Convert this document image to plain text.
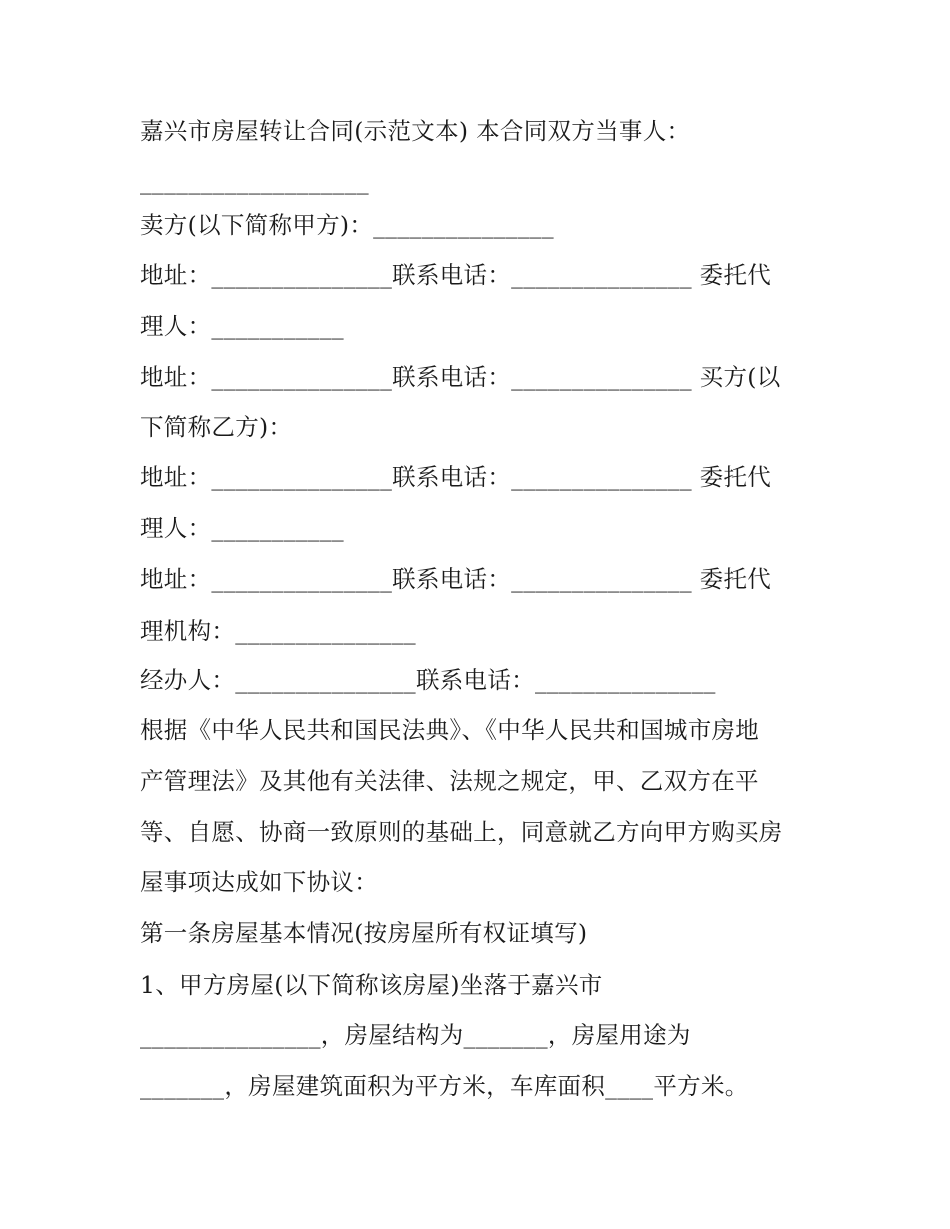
嘉兴市房屋转让合同(示范文本) 本合同双方当事人：
___________________
卖方(以下简称甲方)：_______________
地址：_______________联系电话：_______________ 委托代
理人：___________
地址：_______________联系电话：_______________ 买方(以
下简称乙方)：
地址：_______________联系电话：_______________ 委托代
理人：___________
地址：_______________联系电话：_______________ 委托代
理机构：_______________
经办人：_______________联系电话：_______________
根据《中华人民共和国民法典》、《中华人民共和国城市房地
产管理法》及其他有关法律、法规之规定，甲、乙双方在平
等、自愿、协商一致原则的基础上，同意就乙方向甲方购买房
屋事项达成如下协议：
第一条房屋基本情况(按房屋所有权证填写)
1、甲方房屋(以下简称该房屋)坐落于嘉兴市
_______________，房屋结构为_______，房屋用途为
_______，房屋建筑面积为平方米，车库面积____平方米。
